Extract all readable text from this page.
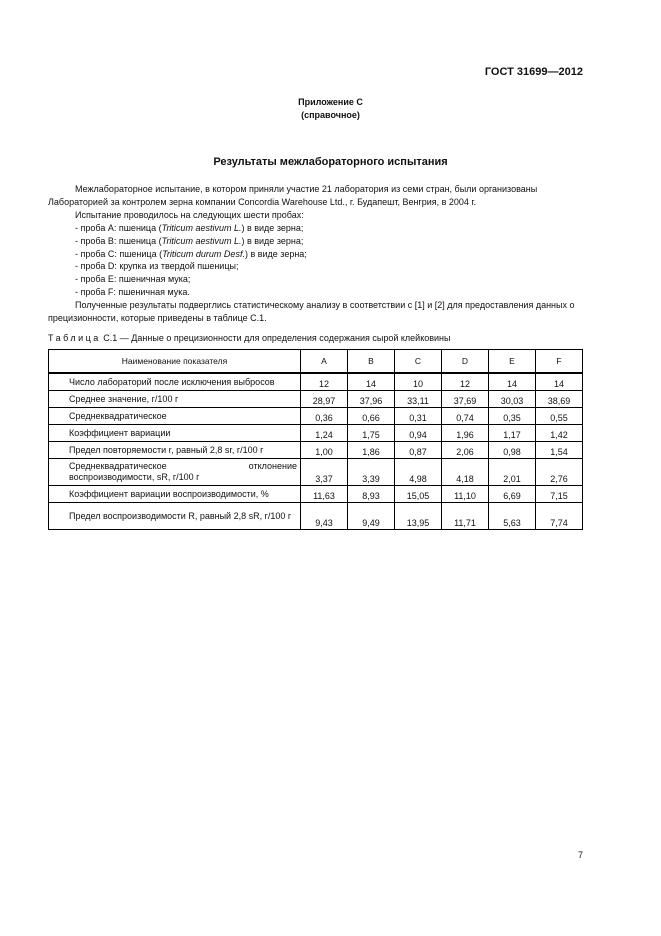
ГОСТ 31699—2012
Приложение С
(справочное)
Результаты межлабораторного испытания

Межлабораторное испытание, в котором приняли участие 21 лаборатория из семи стран, были организованы Лабораторией за контролем зерна компании Concordia Warehouse Ltd., г. Будапешт, Венгрия, в 2004 г.

Испытание проводилось на следующих шести пробах:

- проба А: пшеница (Triticum aestivum L.) в виде зерна;

- проба В: пшеница (Triticum aestivum L.) в виде зерна;

- проба С: пшеница (Triticum durum Desf.) в виде зерна;

- проба D: крупка из твердой пшеницы;

- проба Е: пшеничная мука;

- проба F: пшеничная мука.

Полученные результаты подверглись статистическому анализу в соответствии с [1] и [2] для предоставления данных о прецизионности, которые приведены в таблице С.1.

Таблица С.1 — Данные о прецизионности для определения содержания сырой клейковины
Наименование показателя	A	B	C	D	E	F
Число лабораторий после исключения выбросов	12	14	10	12	14	14
Среднее значение, г/100 г	28,97	37,96	33,11	37,69	30,03	38,69
Среднеквадратическое	0,36	0,66	0,31	0,74	0,35	0,55
Коэффициент вариации	1,24	1,75	0,94	1,96	1,17	1,42
Предел повторяемости r, равный 2,8 sr, г/100 г	1,00	1,86	0,87	2,06	0,98	1,54
Среднеквадратическое отклонение воспроизводимости, sR, г/100 г	3,37	3,39	4,98	4,18	2,01	2,76
Коэффициент вариации воспроизводимости, %	11,63	8,93	15,05	11,10	6,69	7,15
Предел воспроизводимости R, равный 2,8 sR, г/100 г	9,43	9,49	13,95	11,71	5,63	7,74
7
